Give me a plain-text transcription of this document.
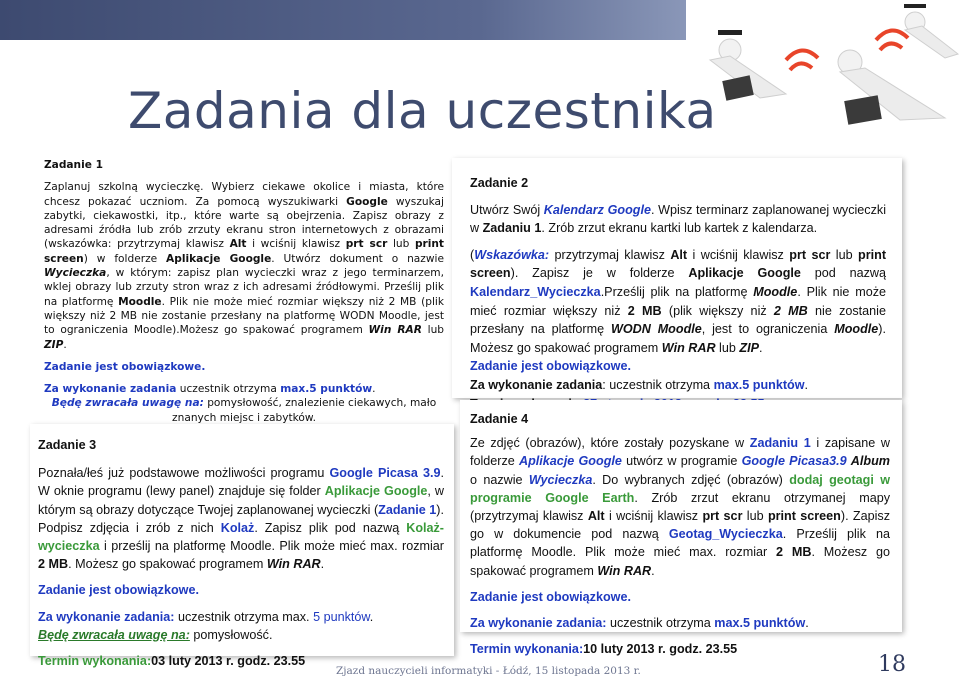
Zadania dla uczestnika

Zadanie 1

Zaplanuj szkolną wycieczkę. Wybierz ciekawe okolice i miasta, które chcesz pokazać uczniom. Za pomocą wyszukiwarki Google wyszukaj zabytki, ciekawostki, itp., które warte są obejrzenia. Zapisz obrazy z adresami źródła lub zrób zrzuty ekranu stron internetowych z obrazami (wskazówka: przytrzymaj klawisz Alt i wciśnij klawisz prt scr lub print screen) w folderze Aplikacje Google. Utwórz dokument o nazwie Wycieczka, w którym: zapisz plan wycieczki wraz z jego terminarzem, wklej obrazy lub zrzuty stron wraz z ich adresami źródłowymi. Prześlij plik na platformę Moodle. Plik nie może mieć rozmiar większy niż 2 MB (plik większy niż 2 MB nie zostanie przesłany na platformę WODN Moodle, jest to ograniczenia Moodle).Możesz go spakować programem Win RAR lub ZIP.

Zadanie jest obowiązkowe.

Za wykonanie zadania uczestnik otrzyma max.5 punktów.

Będę zwracała uwagę na: pomysłowość, znalezienie ciekawych, mało znanych miejsc i zabytków.

Zadanie 2

Utwórz Swój Kalendarz Google. Wpisz terminarz zaplanowanej wycieczki w Zadaniu 1. Zrób zrzut ekranu kartki lub kartek z kalendarza.

(Wskazówka: przytrzymaj klawisz Alt i wciśnij klawisz prt scr lub print screen). Zapisz je w folderze Aplikacje Google pod nazwą Kalendarz_Wycieczka.Prześlij plik na platformę Moodle. Plik nie może mieć rozmiar większy niż 2 MB (plik większy niż 2 MB nie zostanie przesłany na platformę WODN Moodle, jest to ograniczenia Moodle). Możesz go spakować programem Win RAR lub ZIP.

Zadanie jest obowiązkowe.

Za wykonanie zadania: uczestnik otrzyma max.5 punktów.

Zadanie 3

Poznała/łeś już podstawowe możliwości programu Google Picasa 3.9. W oknie programu (lewy panel) znajduje się folder Aplikacje Google, w którym są obrazy dotyczące Twojej zaplanowanej wycieczki (Zadanie 1). Podpisz zdjęcia i zrób z nich Kolaż. Zapisz plik pod nazwą Kolaż-wycieczka i prześlij na platformę Moodle. Plik może mieć max. rozmiar 2 MB. Możesz go spakować programem Win RAR.

Zadanie jest obowiązkowe.

Za wykonanie zadania: uczestnik otrzyma max. 5 punktów.

Będę zwracała uwagę na: pomysłowość.

Termin wykonania:03 luty 2013 r. godz. 23.55

Zadanie 4

Ze zdjęć (obrazów), które zostały pozyskane w Zadaniu 1 i zapisane w folderze Aplikacje Google utwórz w programie Google Picasa3.9 Album o nazwie Wycieczka. Do wybranych zdjęć (obrazów) dodaj geotagi w programie Google Earth. Zrób zrzut ekranu otrzymanej mapy (przytrzymaj klawisz Alt i wciśnij klawisz prt scr lub print screen). Zapisz go w dokumencie pod nazwą Geotag_Wycieczka. Prześlij plik na platformę Moodle. Plik może mieć max. rozmiar 2 MB. Możesz go spakować programem Win RAR.

Zadanie jest obowiązkowe.

Za wykonanie zadania: uczestnik otrzyma max.5 punktów.

Termin wykonania:10 luty 2013 r. godz. 23.55

Zjazd nauczycieli informatyki - Łódź, 15 listopada 2013 r.	18
